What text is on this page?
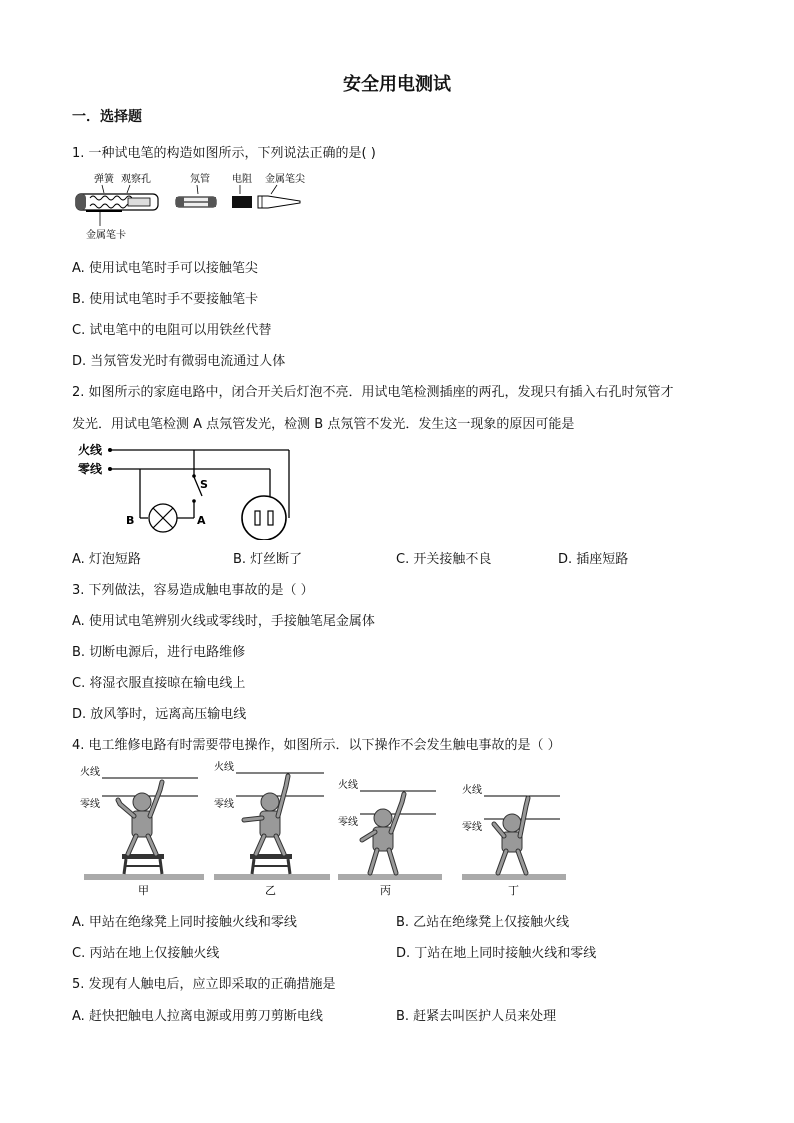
安全用电测试
一．选择题
1. 一种试电笔的构造如图所示，下列说法正确的是( )
弹簧 观察孔	氖管 电阻 金属笔尖
金属笔卡
A. 使用试电笔时手可以接触笔尖
B. 使用试电笔时手不要接触笔卡
C. 试电笔中的电阻可以用铁丝代替
D. 当氖管发光时有微弱电流通过人体
2. 如图所示的家庭电路中，闭合开关后灯泡不亮．用试电笔检测插座的两孔，发现只有插入右孔时氖管才
发光．用试电笔检测 A 点氖管发光，检测 B 点氖管不发光．发生这一现象的原因可能是
火线
零线
S
B	A
A. 灯泡短路	B. 灯丝断了	C. 开关接触不良	D. 插座短路
3. 下列做法，容易造成触电事故的是（ ）
A. 使用试电笔辨别火线或零线时，手接触笔尾金属体
B. 切断电源后，进行电路维修
C. 将湿衣服直接晾在输电线上
D. 放风筝时，远离高压输电线
4. 电工维修电路有时需要带电操作，如图所示．以下操作不会发生触电事故的是（ ）
火线
零线
甲
火线
零线
乙
火线
零线
丙
火线
零线
丁
A. 甲站在绝缘凳上同时接触火线和零线	B. 乙站在绝缘凳上仅接触火线
C. 丙站在地上仅接触火线	D. 丁站在地上同时接触火线和零线
5. 发现有人触电后，应立即采取的正确措施是
A. 赶快把触电人拉离电源或用剪刀剪断电线	B. 赶紧去叫医护人员来处理
